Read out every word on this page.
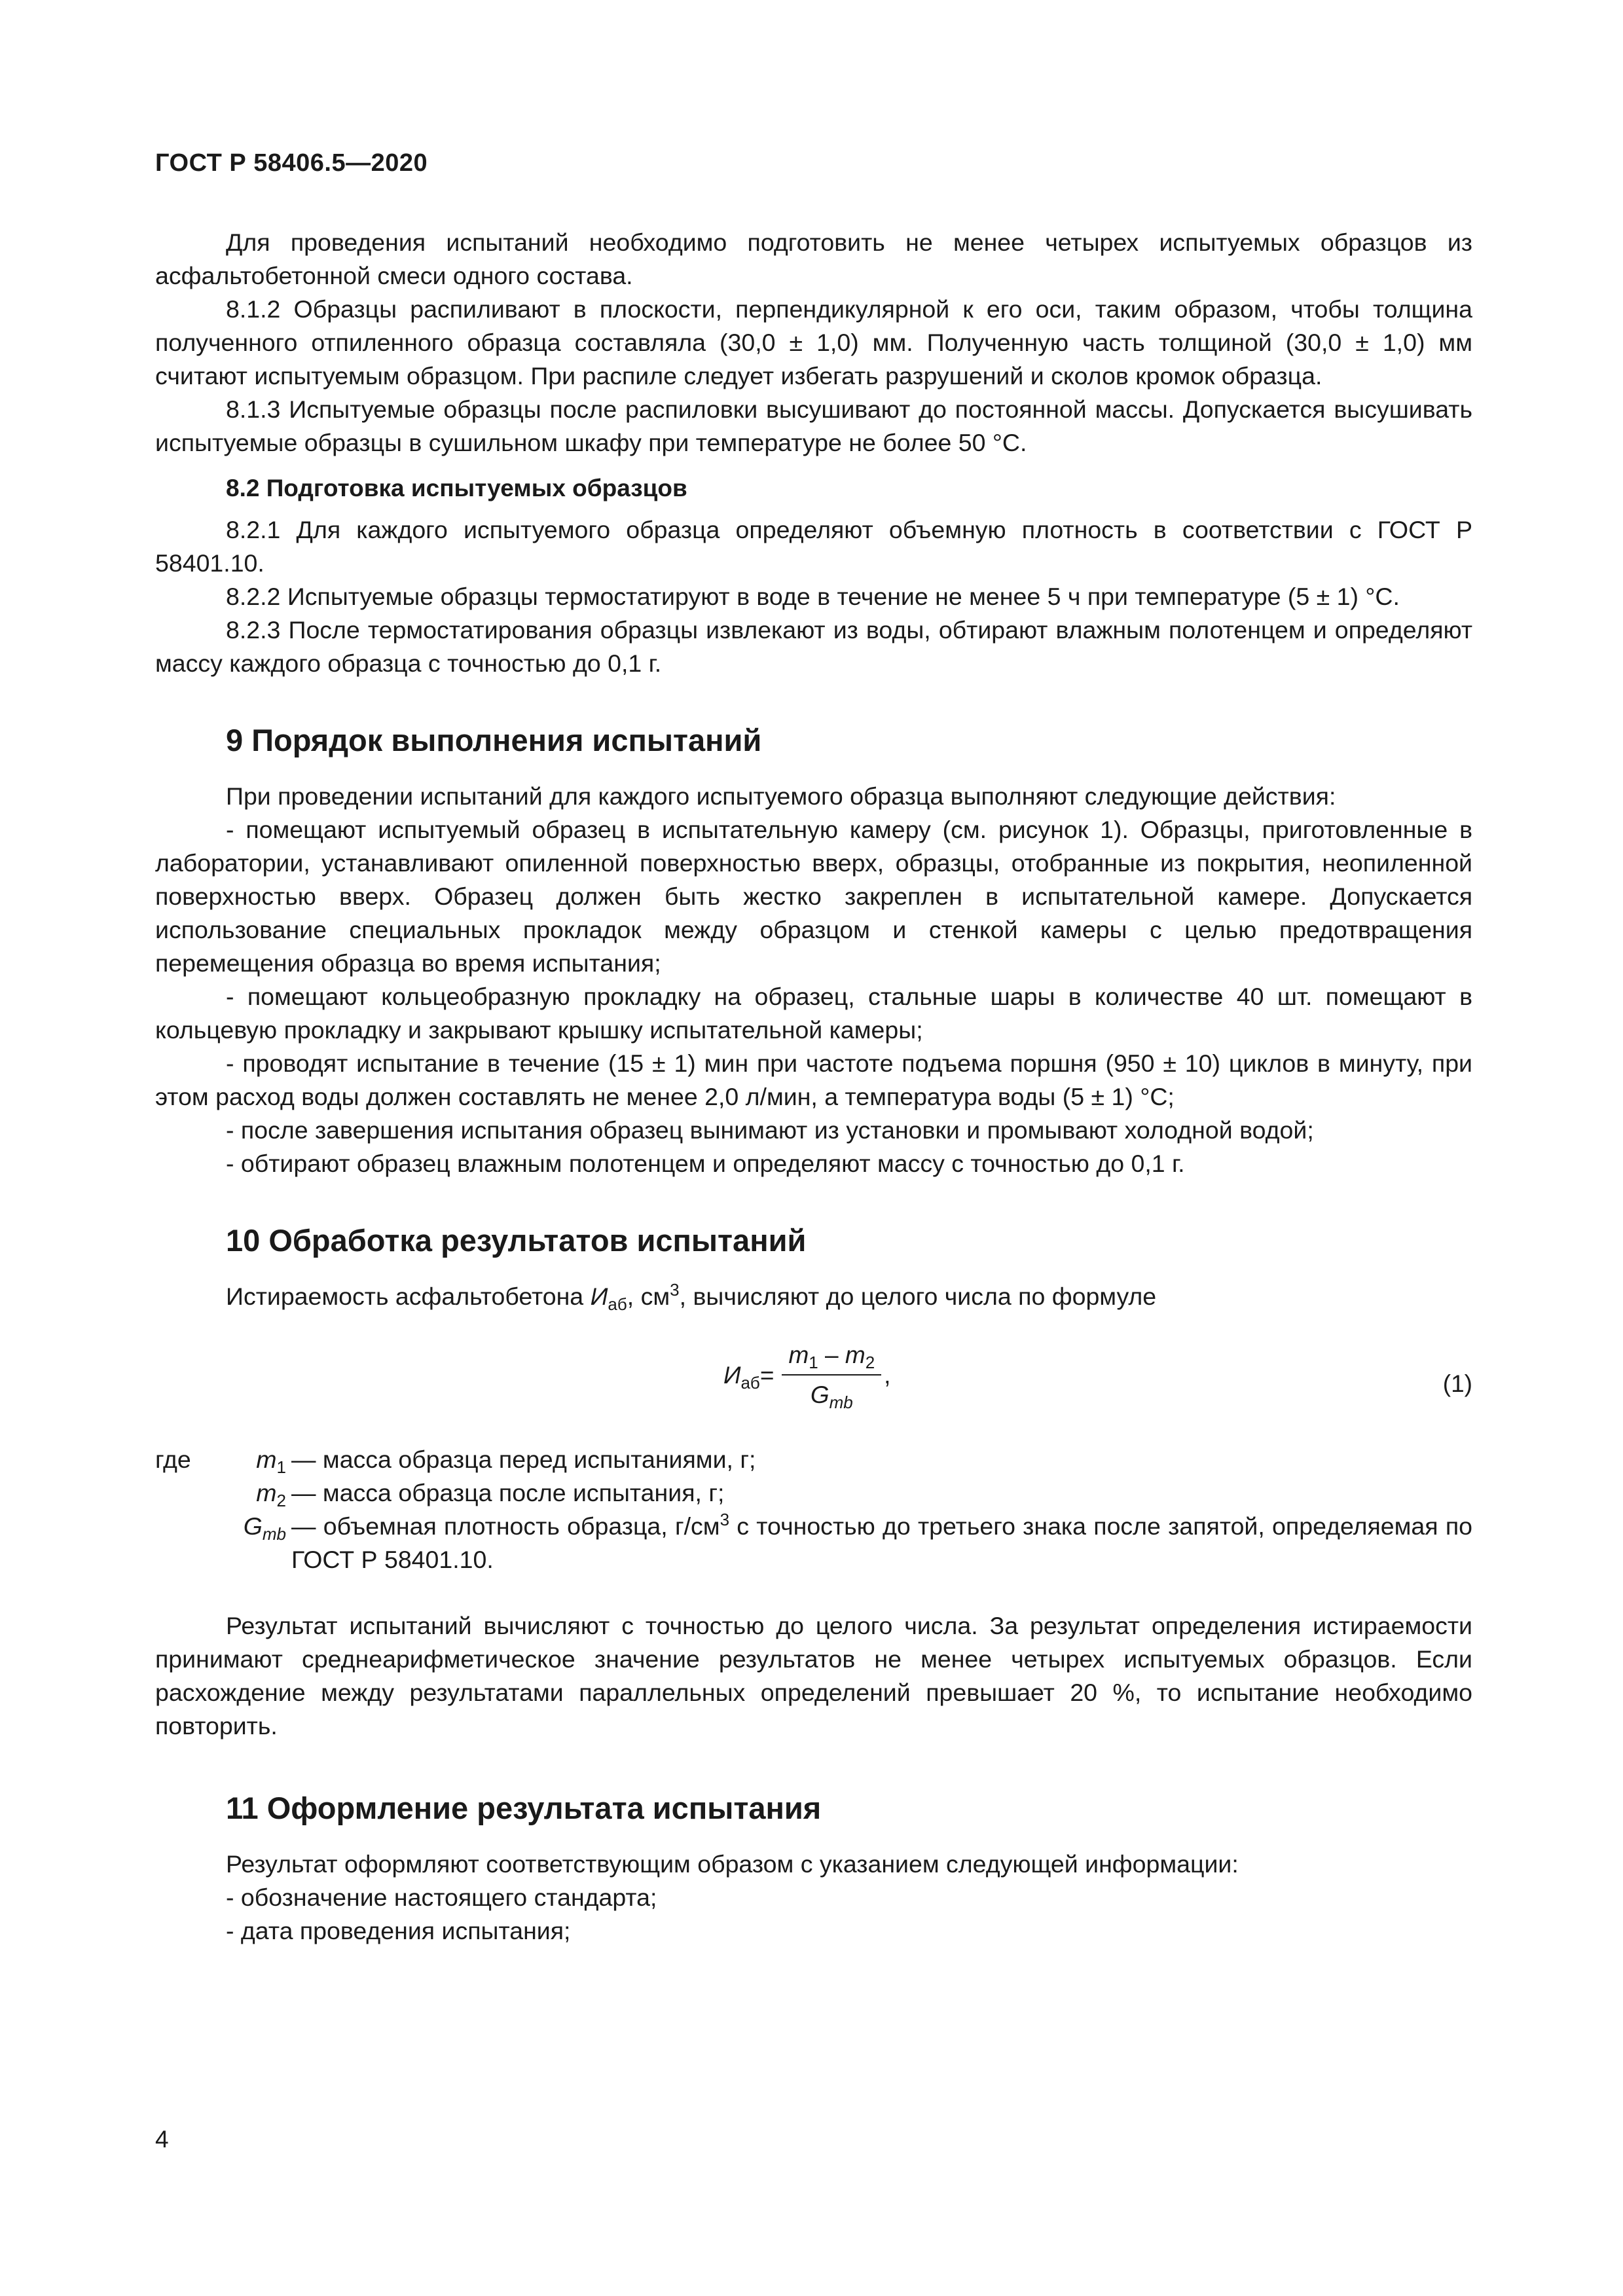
ГОСТ Р 58406.5—2020

Для проведения испытаний необходимо подготовить не менее четырех испытуемых образцов из асфальтобетонной смеси одного состава.

8.1.2 Образцы распиливают в плоскости, перпендикулярной к его оси, таким образом, чтобы толщина полученного отпиленного образца составляла (30,0 ± 1,0) мм. Полученную часть толщиной (30,0 ± 1,0) мм считают испытуемым образцом. При распиле следует избегать разрушений и сколов кромок образца.

8.1.3 Испытуемые образцы после распиловки высушивают до постоянной массы. Допускается высушивать испытуемые образцы в сушильном шкафу при температуре не более 50 °С.

8.2 Подготовка испытуемых образцов

8.2.1 Для каждого испытуемого образца определяют объемную плотность в соответствии с ГОСТ Р 58401.10.

8.2.2 Испытуемые образцы термостатируют в воде в течение не менее 5 ч при температуре (5 ± 1) °С.

8.2.3 После термостатирования образцы извлекают из воды, обтирают влажным полотенцем и определяют массу каждого образца с точностью до 0,1 г.

9 Порядок выполнения испытаний

При проведении испытаний для каждого испытуемого образца выполняют следующие действия:

- помещают испытуемый образец в испытательную камеру (см. рисунок 1). Образцы, приготовленные в лаборатории, устанавливают опиленной поверхностью вверх, образцы, отобранные из покрытия, неопиленной поверхностью вверх. Образец должен быть жестко закреплен в испытательной камере. Допускается использование специальных прокладок между образцом и стенкой камеры с целью предотвращения перемещения образца во время испытания;

- помещают кольцеобразную прокладку на образец, стальные шары в количестве 40 шт. помещают в кольцевую прокладку и закрывают крышку испытательной камеры;

- проводят испытание в течение (15 ± 1) мин при частоте подъема поршня (950 ± 10) циклов в минуту, при этом расход воды должен составлять не менее 2,0 л/мин, а температура воды (5 ± 1) °С;

- после завершения испытания образец вынимают из установки и промывают холодной водой;

- обтирают образец влажным полотенцем и определяют массу с точностью до 0,1 г.

10 Обработка результатов испытаний

Истираемость асфальтобетона $И_{аб}$, $см^3$, вычисляют до целого числа по формуле

$И_{аб} = \frac{m_1 - m_2}{G_{mb}}$ ,	(1)
где	$m_1$ — масса образца перед испытаниями, г;
$m_2$ — масса образца после испытания, г;
$G_{mb}$ — объемная плотность образца, $г/см^3$ с точностью до третьего знака после запятой, определяемая по ГОСТ Р 58401.10.

Результат испытаний вычисляют с точностью до целого числа. За результат определения истираемости принимают среднеарифметическое значение результатов не менее четырех испытуемых образцов. Если расхождение между результатами параллельных определений превышает 20 %, то испытание необходимо повторить.

11 Оформление результата испытания

Результат оформляют соответствующим образом с указанием следующей информации:

- обозначение настоящего стандарта;

- дата проведения испытания;

4
